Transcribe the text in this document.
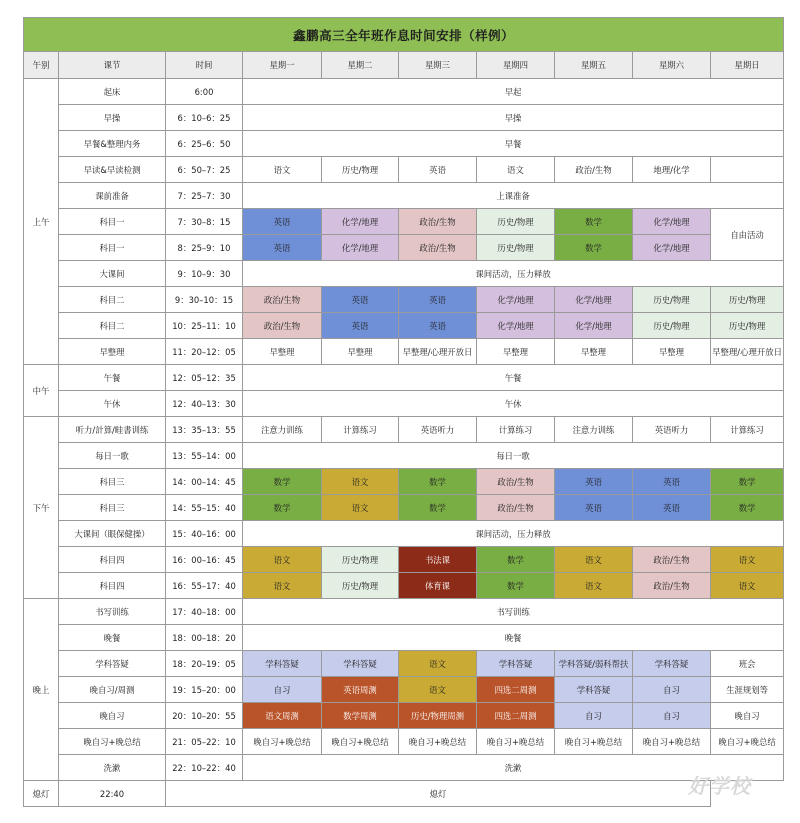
鑫鹏高三全年班作息时间安排（样例）									
午别	课节	时间	星期一	星期二	星期三	星期四	星期五	星期六	星期日
上午	起床	6:00	早起						
	早操	6：10–6：25	早操						
	早餐&整理内务	6：25–6：50	早餐						
	早读&早读检测	6：50–7：25	语文	历史/物理	英语	语文	政治/生物	地理/化学	
	课前准备	7：25–7：30	上课准备						
	科目一	7：30–8：15	英语	化学/地理	政治/生物	历史/物理	数学	化学/地理	自由活动
	科目一	8：25–9：10	英语	化学/地理	政治/生物	历史/物理	数学	化学/地理	
	大课间	9：10–9：30	课间活动，压力释放						
	科目二	9：30–10：15	政治/生物	英语	英语	化学/地理	化学/地理	历史/物理	历史/物理
	科目二	10：25–11：10	政治/生物	英语	英语	化学/地理	化学/地理	历史/物理	历史/物理
	早整理	11：20–12：05	早整理	早整理	早整理/心理开放日	早整理	早整理	早整理	早整理/心理开放日
中午	午餐	12：05–12：35	午餐						
	午休	12：40–13：30	午休						
下午	听力/計算/畦書训练	13：35–13：55	注意力训练	计算练习	英语听力	计算练习	注意力训练	英语听力	计算练习
	每日一歌	13：55–14：00	每日一歌						
	科目三	14：00–14：45	数学	语文	数学	政治/生物	英语	英语	数学
	科目三	14：55–15：40	数学	语文	数学	政治/生物	英语	英语	数学
	大课间（眼保健操）	15：40–16：00	课间活动，压力释放						
	科目四	16：00–16：45	语文	历史/物理	书法课	数学	语文	政治/生物	语文
	科目四	16：55–17：40	语文	历史/物理	体育课	数学	语文	政治/生物	语文
晚上	书写训练	17：40–18：00	书写训练						
	晚餐	18：00–18：20	晚餐						
	学科答疑	18：20–19：05	学科答疑	学科答疑	语文	学科答疑	学科答疑/弱科帮扶	学科答疑	班会
	晚自习/周测	19：15–20：00	自习	英语周测	语文	四选二周测	学科答疑	自习	生涯规划等
	晚自习	20：10–20：55	语文周测	数学周测	历史/物理周测	四选二周测	自习	自习	晚自习
	晚自习+晚总结	21：05–22：10	晚自习+晚总结	晚自习+晚总结	晚自习+晚总结	晚自习+晚总结	晚自习+晚总结	晚自习+晚总结	晚自习+晚总结
	洗漱	22：10–22：40	洗漱						
熄灯	22:40	熄灯								好学校
